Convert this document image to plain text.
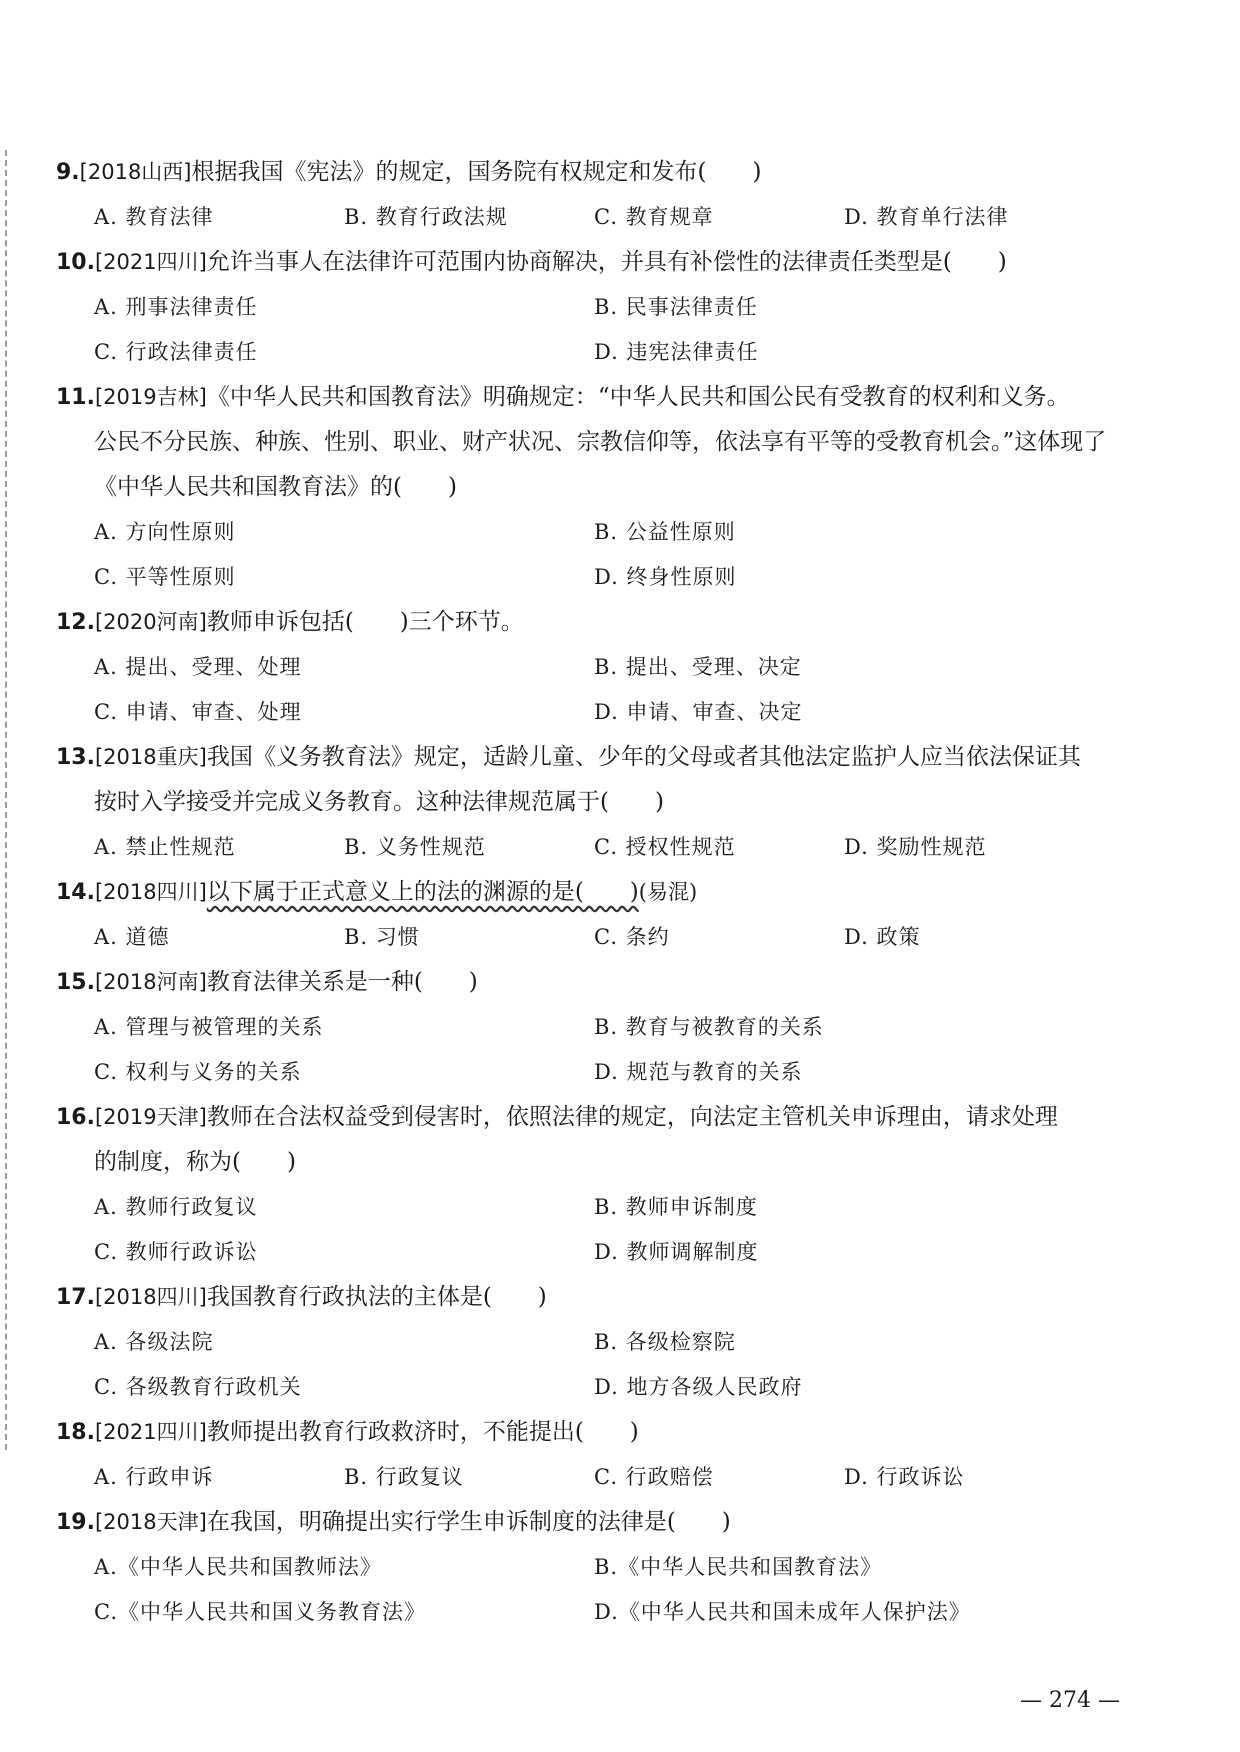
9.[2018山西]根据我国《宪法》的规定，国务院有权规定和发布(　　)
A. 教育法律	B. 教育行政法规	C. 教育规章	D. 教育单行法律
10.[2021四川]允许当事人在法律许可范围内协商解决，并具有补偿性的法律责任类型是(　　)
A. 刑事法律责任	B. 民事法律责任
C. 行政法律责任	D. 违宪法律责任
11.[2019吉林]《中华人民共和国教育法》明确规定：“中华人民共和国公民有受教育的权利和义务。
公民不分民族、种族、性别、职业、财产状况、宗教信仰等，依法享有平等的受教育机会。”这体现了
《中华人民共和国教育法》的(　　)
A. 方向性原则	B. 公益性原则
C. 平等性原则	D. 终身性原则
12.[2020河南]教师申诉包括(　　)三个环节。
A. 提出、受理、处理	B. 提出、受理、决定
C. 申请、审查、处理	D. 申请、审查、决定
13.[2018重庆]我国《义务教育法》规定，适龄儿童、少年的父母或者其他法定监护人应当依法保证其
按时入学接受并完成义务教育。这种法律规范属于(　　)
A. 禁止性规范	B. 义务性规范	C. 授权性规范	D. 奖励性规范
14.[2018四川]以下属于正式意义上的法的渊源的是(　　)(易混)
A. 道德	B. 习惯	C. 条约	D. 政策
15.[2018河南]教育法律关系是一种(　　)
A. 管理与被管理的关系	B. 教育与被教育的关系
C. 权利与义务的关系	D. 规范与教育的关系
16.[2019天津]教师在合法权益受到侵害时，依照法律的规定，向法定主管机关申诉理由，请求处理
的制度，称为(　　)
A. 教师行政复议	B. 教师申诉制度
C. 教师行政诉讼	D. 教师调解制度
17.[2018四川]我国教育行政执法的主体是(　　)
A. 各级法院	B. 各级检察院
C. 各级教育行政机关	D. 地方各级人民政府
18.[2021四川]教师提出教育行政救济时，不能提出(　　)
A. 行政申诉	B. 行政复议	C. 行政赔偿	D. 行政诉讼
19.[2018天津]在我国，明确提出实行学生申诉制度的法律是(　　)
A.《中华人民共和国教师法》	B.《中华人民共和国教育法》
C.《中华人民共和国义务教育法》	D.《中华人民共和国未成年人保护法》
— 274 —
